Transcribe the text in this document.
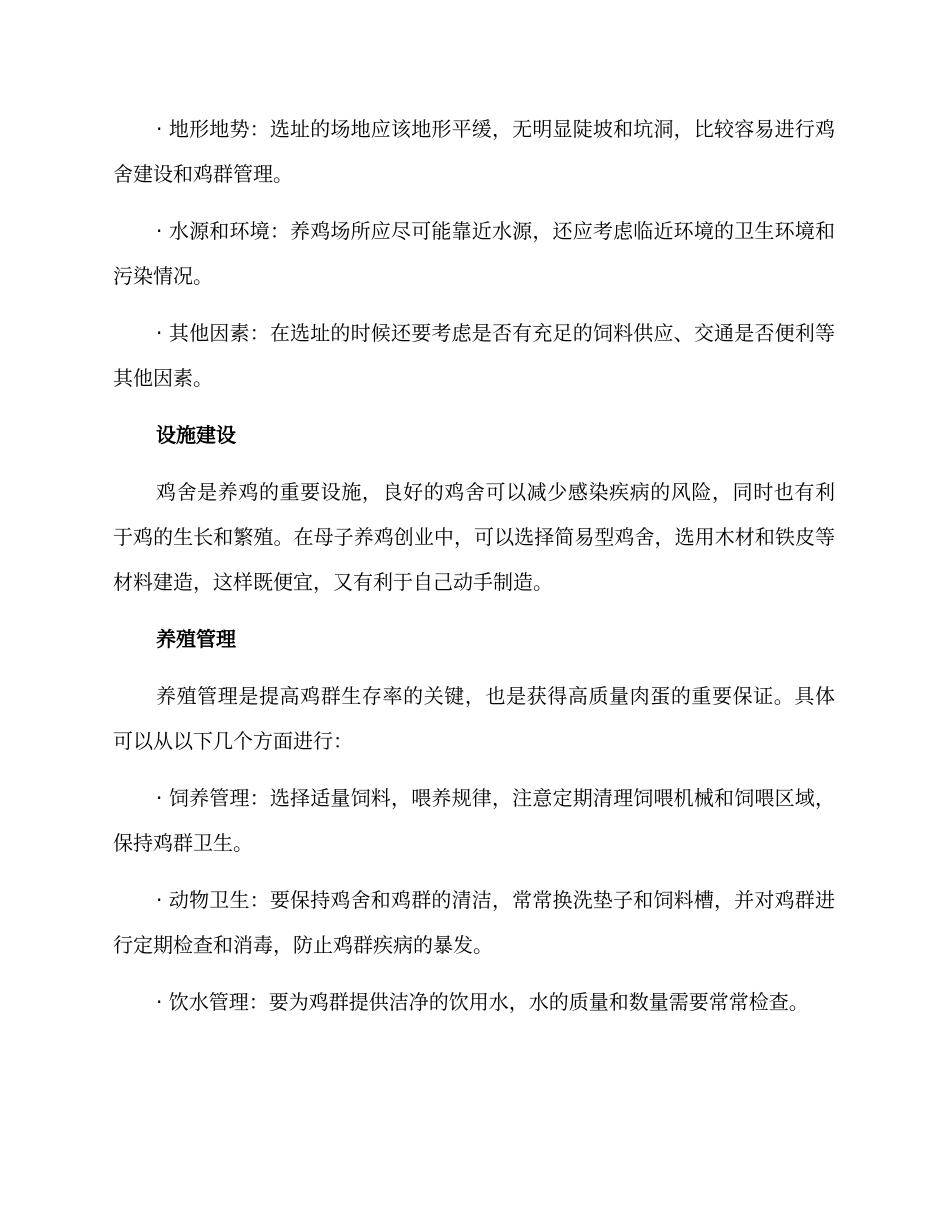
· 地形地势：选址的场地应该地形平缓，无明显陡坡和坑洞，比较容易进行鸡舍建设和鸡群管理。

· 水源和环境：养鸡场所应尽可能靠近水源，还应考虑临近环境的卫生环境和污染情况。

· 其他因素：在选址的时候还要考虑是否有充足的饲料供应、交通是否便利等其他因素。

设施建设

鸡舍是养鸡的重要设施，良好的鸡舍可以减少感染疾病的风险，同时也有利于鸡的生长和繁殖。在母子养鸡创业中，可以选择简易型鸡舍，选用木材和铁皮等材料建造，这样既便宜，又有利于自己动手制造。

养殖管理

养殖管理是提高鸡群生存率的关键，也是获得高质量肉蛋的重要保证。具体可以从以下几个方面进行：

· 饲养管理：选择适量饲料，喂养规律，注意定期清理饲喂机械和饲喂区域，保持鸡群卫生。

· 动物卫生：要保持鸡舍和鸡群的清洁，常常换洗垫子和饲料槽，并对鸡群进行定期检查和消毒，防止鸡群疾病的暴发。

· 饮水管理：要为鸡群提供洁净的饮用水，水的质量和数量需要常常检查。
